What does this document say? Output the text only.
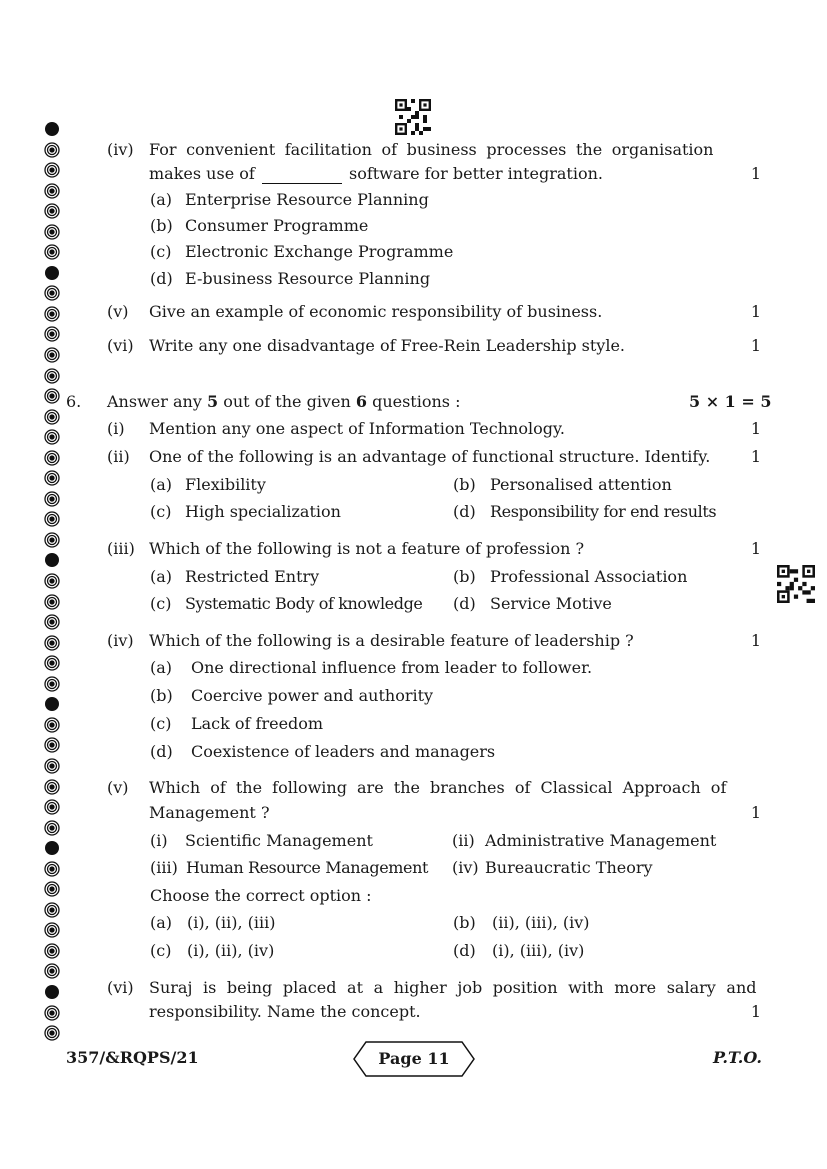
(iv) For convenient facilitation of business processes the organisation
makes use of	software for better integration.	1
(a) Enterprise Resource Planning
(b) Consumer Programme
(c) Electronic Exchange Programme
(d) E-business Resource Planning
(v) Give an example of economic responsibility of business.	1
(vi) Write any one disadvantage of Free-Rein Leadership style.	1
6. Answer any 5 out of the given 6 questions :	5 × 1 = 5
(i) Mention any one aspect of Information Technology.	1
(ii) One of the following is an advantage of functional structure. Identify.	1
(a) Flexibility	(b) Personalised attention
(c) High specialization	(d) Responsibility for end results
(iii) Which of the following is not a feature of profession ?	1
(a) Restricted Entry	(b) Professional Association
(c) Systematic Body of knowledge (d) Service Motive
(iv) Which of the following is a desirable feature of leadership ?	1
(a) One directional influence from leader to follower.
(b) Coercive power and authority
(c) Lack of freedom
(d) Coexistence of leaders and managers
(v) Which of the following are the branches of Classical Approach of
Management ?	1
(i) Scientific Management	(ii) Administrative Management
(iii) Human Resource Management (iv) Bureaucratic Theory
Choose the correct option :
(a) (i), (ii), (iii)	(b) (ii), (iii), (iv)
(c) (i), (ii), (iv)	(d) (i), (iii), (iv)
(vi) Suraj is being placed at a higher job position with more salary and
responsibility. Name the concept.	1
357/&RQPS/21	Page 11	P.T.O.
